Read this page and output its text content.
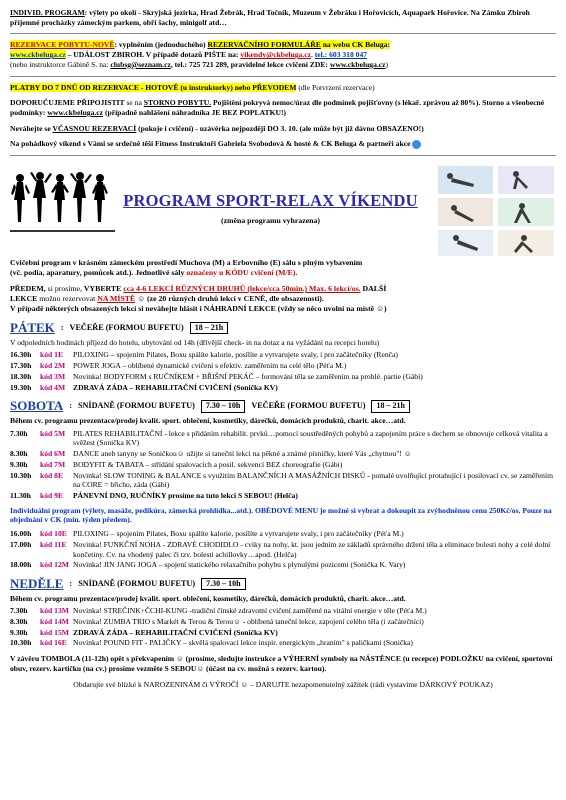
INDIVID. PROGRAM: výlety po okolí - Skryjská jezírka, Hrad Žebrák, Hrad Točník, Muzeum v Žebráku i Hořovicích, Aquapark Hořovice. Na Zámku Zbiroh příjemné procházky zámeckým parkem, obří šachy, minigolf atd…
REZERVACE POBYTU-NOVĚ: vyplněním (jednoduchého) REZERVAČNÍHO FORMULÁŘE na webu CK Beluga:
www.ckbeluga.cz – UDÁLOST ZBIROH. V případě dotazů PIŠTE na: vikendy@ckbeluga.cz, tel.: 603 318 047
(nebo instruktorce Gábině S. na: clubsg@seznam.cz, tel.: 725 721 289, pravidelné lekce cvičení ZDE: www.ckbeluga.cz)
PLATBY DO 7 DNŮ OD REZERVACE - HOTOVĚ (u instruktorky) nebo PŘEVODEM (dle Potvrzení rezervace)
DOPORUČUJEME PŘIPOJISTIT se na STORNO POBYTU. Pojištění pokryvá nemoc/úraz dle podmínek pojišťovny (s lékař. zprávou až 80%). Storno a všeobecné podmínky: www.ckbeluga.cz (případně nahlášení náhradníka JE BEZ POPLATKU!)
Neváhejte se VČASNOU REZERVACÍ (pokoje i cvičení) - uzávěrka nejpozději DO 3. 10. (ale může být již dávno OBSAZENO!)
Na pohádkový víkend s Vámi se srdečně těší Fitness Instruktoři Gabriela Svobodová & hosté & CK Beluga & partneři akce
PROGRAM SPORT-RELAX VÍKENDU
(změna programu vyhrazena)
Cvičební program v krásném zámeckém prostředí Muchova (M) a Erbovního (E) sálu s plným vybavením
(vč. podia, aparatury, pomůcek atd.). Jednotlivé sály označeny u KÓDU cvičení (M/E).
PŘEDEM, si prosíme, VYBERTE cca 4-6 LEKCÍ RŮZNÝCH DRUHŮ (lekce/cca 50min.) Max. 6 lekcí/os. DALŠÍ
LEKCE možno rezervovat NA MÍSTĚ ☺ (ze 20 různých druhů lekcí v CENĚ, dle obsazenosti).
V případě některých obsazených lekcí si neváhejte hlásit i NÁHRADNÍ LEKCE (vždy se něco uvolní na místě ☺)
PÁTEK : VEČEŘE (FORMOU BUFETU)	18 – 21h
V odpoledních hodinách příjezd do hotelu, ubytování od 14h (dřívější check- in na dotaz a na vyžádání na recepci hotelu)
16.30h	kód 1E	PILOXING – spojením Pilates, Boxu spálíte kalorie, posílíte a vytvarujete svaly, i pro začátečníky (Renča)
17.30h	kód 2M	POWER JOGA – oblíbené dynamické cvičení s efektiv. zaměřením na celé tělo (Péťa M.)
18.30h	kód 3M	Novinka! BODYFORM s RUČNÍKEM + BŘIŠNÍ PEKÁČ – formování těla se zaměřením na problé. partie (Gábi)
19.30h	kód 4M	ZDRAVÁ ZÁDA – REHABILITAČNÍ CVIČENÍ (Sonička KV)
SOBOTA : SNÍDANĚ (FORMOU BUFETU)	7.30 – 10h	VEČEŘE (FORMOU BUFETU)	18 – 21h
Během cv. programu prezentace/prodej kvalit. sport. oblečení, kosmetiky, dárečků, domácích produktů, charit. akce…atd.
7.30h	kód 5M	PILATES REHABILITAČNÍ - lekce s přidáním rehabilit. prvků…pomocí soustředěných pohybů a zapojením práce s dechem se obnovuje celková vitalita a svěžest (Sonička KV)
8.30h	kód 6M	DANCE aneb tanyny se Soničkou☺ užijte si taneční lekci na pěkné a známé písničky, které Vás „chytnou"! ☺
9.30h	kód 7M	BODYFIT & TABATA – střídání spalovacích a posil. sekvencí BEZ choreografie (Gábi)
10.30h	kód 8E	Novinka! SLOW TONING & BALANCE s využitím BALANČNÍCH A MASÁŽNÍCH DISKŮ - pomalé uvolňující protahující i posilovací cv. se zaměřením na CORE = břicho, záda (Gábi)
11.30h	kód 9E	PÁNEVNÍ DNO, RUČNÍKY prosíme na tuto lekci S SEBOU! (Helča)
Individuální program (výlety, masáže, pedikúra, zámecká prohlídka...atd.). OBĚDOVÉ MENU je možné si vybrat a dokoupit za zvýhodněnou cenu 250Kč/os. Pouze na objednání v CK (min. týden předem).
16.00h	kód 10E PILOXING – spojením Pilates, Boxu spálíte kalorie, posílíte a vytvarujete svaly, i pro začátečníky (Péťa M.)
17.00h	kód 11E Novinka! FUNKČNÍ NOHA - ZDRAVÉ CHODIDLO - cviky na nohy, kt. jsou jedním ze základů správného držení těla a eliminace bolesti nohy a celé dolní končetiny. Cv. na vhodený palec či tzv. bolesti achillovky…apod. (Helča)
18.00h	kód 12M Novinka! JIN JANG JOGA – spojení statického relaxačního pohybu s plynulými pozicemi (Sonička K. Vary)
NEDĚLE : SNÍDANĚ (FORMOU BUFETU)	7.30 – 10h
Během cv. programu prezentace/prodej kvalit. sport. oblečení, kosmetiky, dárečků, domácích produktů, charit. akce…atd.
7.30h	kód 13M Novinka! STREČINK+ČCHI-KUNG -tradiční čínské zdravotní cvičení zaměřené na vitální energie v těle (Péťa M.)
8.30h	kód 14M Novinka! ZUMBA TRIO s Markét & Terou & Terou☺ - oblíbená taneční lekce, zapojení celého těla (i začátečníci)
9.30h	kód 15M ZDRAVÁ ZÁDA – REHABILITAČNÍ CVIČENÍ (Sonička KV)
10.30h	kód 16E Novinka! POUND FIT - PALIČKY – skvělá spalovací lekce inspir. energickým „hraním" s paličkami (Sonička)
V závěru TOMBOLA (11-12h) opět s překvapením ☺ (prosíme, sledujte instrukce a VÝHERNÍ symboly na NÁSTĚNCE (u recepce) PODLOŽKU na cvičení, sportovní obuv, rezerv. kartičku (na cv.) prosíme vezměte S SEBOU☺ (účast na cv. možná s rezerv. kartou).
Obdarujte své blízké k NAROZENINÁM či VÝROČÍ ☺ – DARUJTE nezapomenutelný zážitek (rádi vystavíme DÁRKOVÝ POUKAZ)
